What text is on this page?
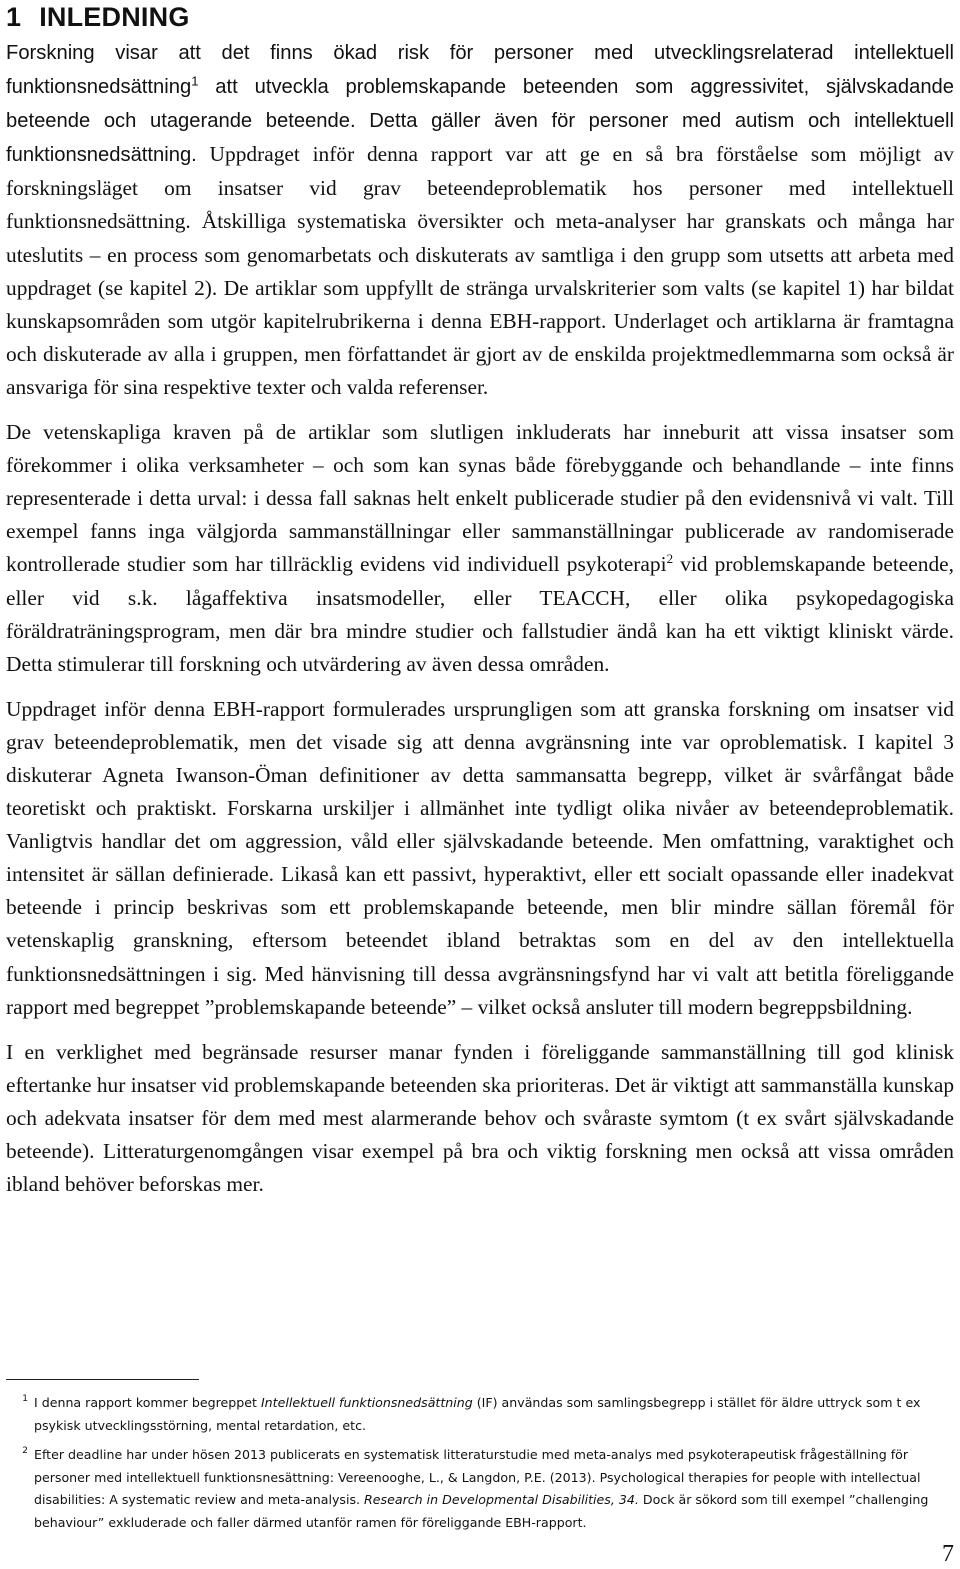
1 INLEDNING

Forskning visar att det finns ökad risk för personer med utvecklingsrelaterad intellektuell funktionsnedsättning$^1$ att utveckla problemskapande beteenden som aggressivitet, självskadande beteende och utagerande beteende. Detta gäller även för personer med autism och intellektuell funktionsnedsättning. Uppdraget inför denna rapport var att ge en så bra förståelse som möjligt av forskningsläget om insatser vid grav beteendeproblematik hos personer med intellektuell funktionsnedsättning. Åtskilliga systematiska översikter och meta-analyser har granskats och många har uteslutits – en process som genomarbetats och diskuterats av samtliga i den grupp som utsetts att arbeta med uppdraget (se kapitel 2). De artiklar som uppfyllt de stränga urvalskriterier som valts (se kapitel 1) har bildat kunskapsområden som utgör kapitelrubrikerna i denna EBH-rapport. Underlaget och artiklarna är framtagna och diskuterade av alla i gruppen, men författandet är gjort av de enskilda projektmedlemmarna som också är ansvariga för sina respektive texter och valda referenser.

De vetenskapliga kraven på de artiklar som slutligen inkluderats har inneburit att vissa insatser som förekommer i olika verksamheter – och som kan synas både förebyggande och behandlande – inte finns representerade i detta urval: i dessa fall saknas helt enkelt publicerade studier på den evidensnivå vi valt. Till exempel fanns inga välgjorda sammanställningar eller sammanställningar publicerade av randomiserade kontrollerade studier som har tillräcklig evidens vid individuell psykoterapi$^2$ vid problemskapande beteende, eller vid s.k. lågaffektiva insatsmodeller, eller TEACCH, eller olika psykopedagogiska föräldraträningsprogram, men där bra mindre studier och fallstudier ändå kan ha ett viktigt kliniskt värde. Detta stimulerar till forskning och utvärdering av även dessa områden.

Uppdraget inför denna EBH-rapport formulerades ursprungligen som att granska forskning om insatser vid grav beteendeproblematik, men det visade sig att denna avgränsning inte var oproblematisk. I kapitel 3 diskuterar Agneta Iwanson-Öman definitioner av detta sammansatta begrepp, vilket är svårfångat både teoretiskt och praktiskt. Forskarna urskiljer i allmänhet inte tydligt olika nivåer av beteendeproblematik. Vanligtvis handlar det om aggression, våld eller självskadande beteende. Men omfattning, varaktighet och intensitet är sällan definierade. Likaså kan ett passivt, hyperaktivt, eller ett socialt opassande eller inadekvat beteende i princip beskrivas som ett problemskapande beteende, men blir mindre sällan föremål för vetenskaplig granskning, eftersom beteendet ibland betraktas som en del av den intellektuella funktionsnedsättningen i sig. Med hänvisning till dessa avgränsningsfynd har vi valt att betitla föreliggande rapport med begreppet ”problemskapande beteende” – vilket också ansluter till modern begreppsbildning.

I en verklighet med begränsade resurser manar fynden i föreliggande sammanställning till god klinisk eftertanke hur insatser vid problemskapande beteenden ska prioriteras. Det är viktigt att sammanställa kunskap och adekvata insatser för dem med mest alarmerande behov och svåraste symtom (t ex svårt självskadande beteende). Litteraturgenomgången visar exempel på bra och viktig forskning men också att vissa områden ibland behöver beforskas mer.

1 I denna rapport kommer begreppet Intellektuell funktionsnedsättning (IF) användas som samlingsbegrepp i stället för äldre uttryck som t ex psykisk utvecklingsstörning, mental retardation, etc.
2 Efter deadline har under hösen 2013 publicerats en systematisk litteraturstudie med meta-analys med psykoterapeutisk frågeställning för personer med intellektuell funktionsnesättning: Vereenooghe, L., & Langdon, P.E. (2013). Psychological therapies for people with intellectual disabilities: A systematic review and meta-analysis. Research in Developmental Disabilities, 34. Dock är sökord som till exempel ”challenging behaviour” exkluderade och faller därmed utanför ramen för föreliggande EBH-rapport.
7
